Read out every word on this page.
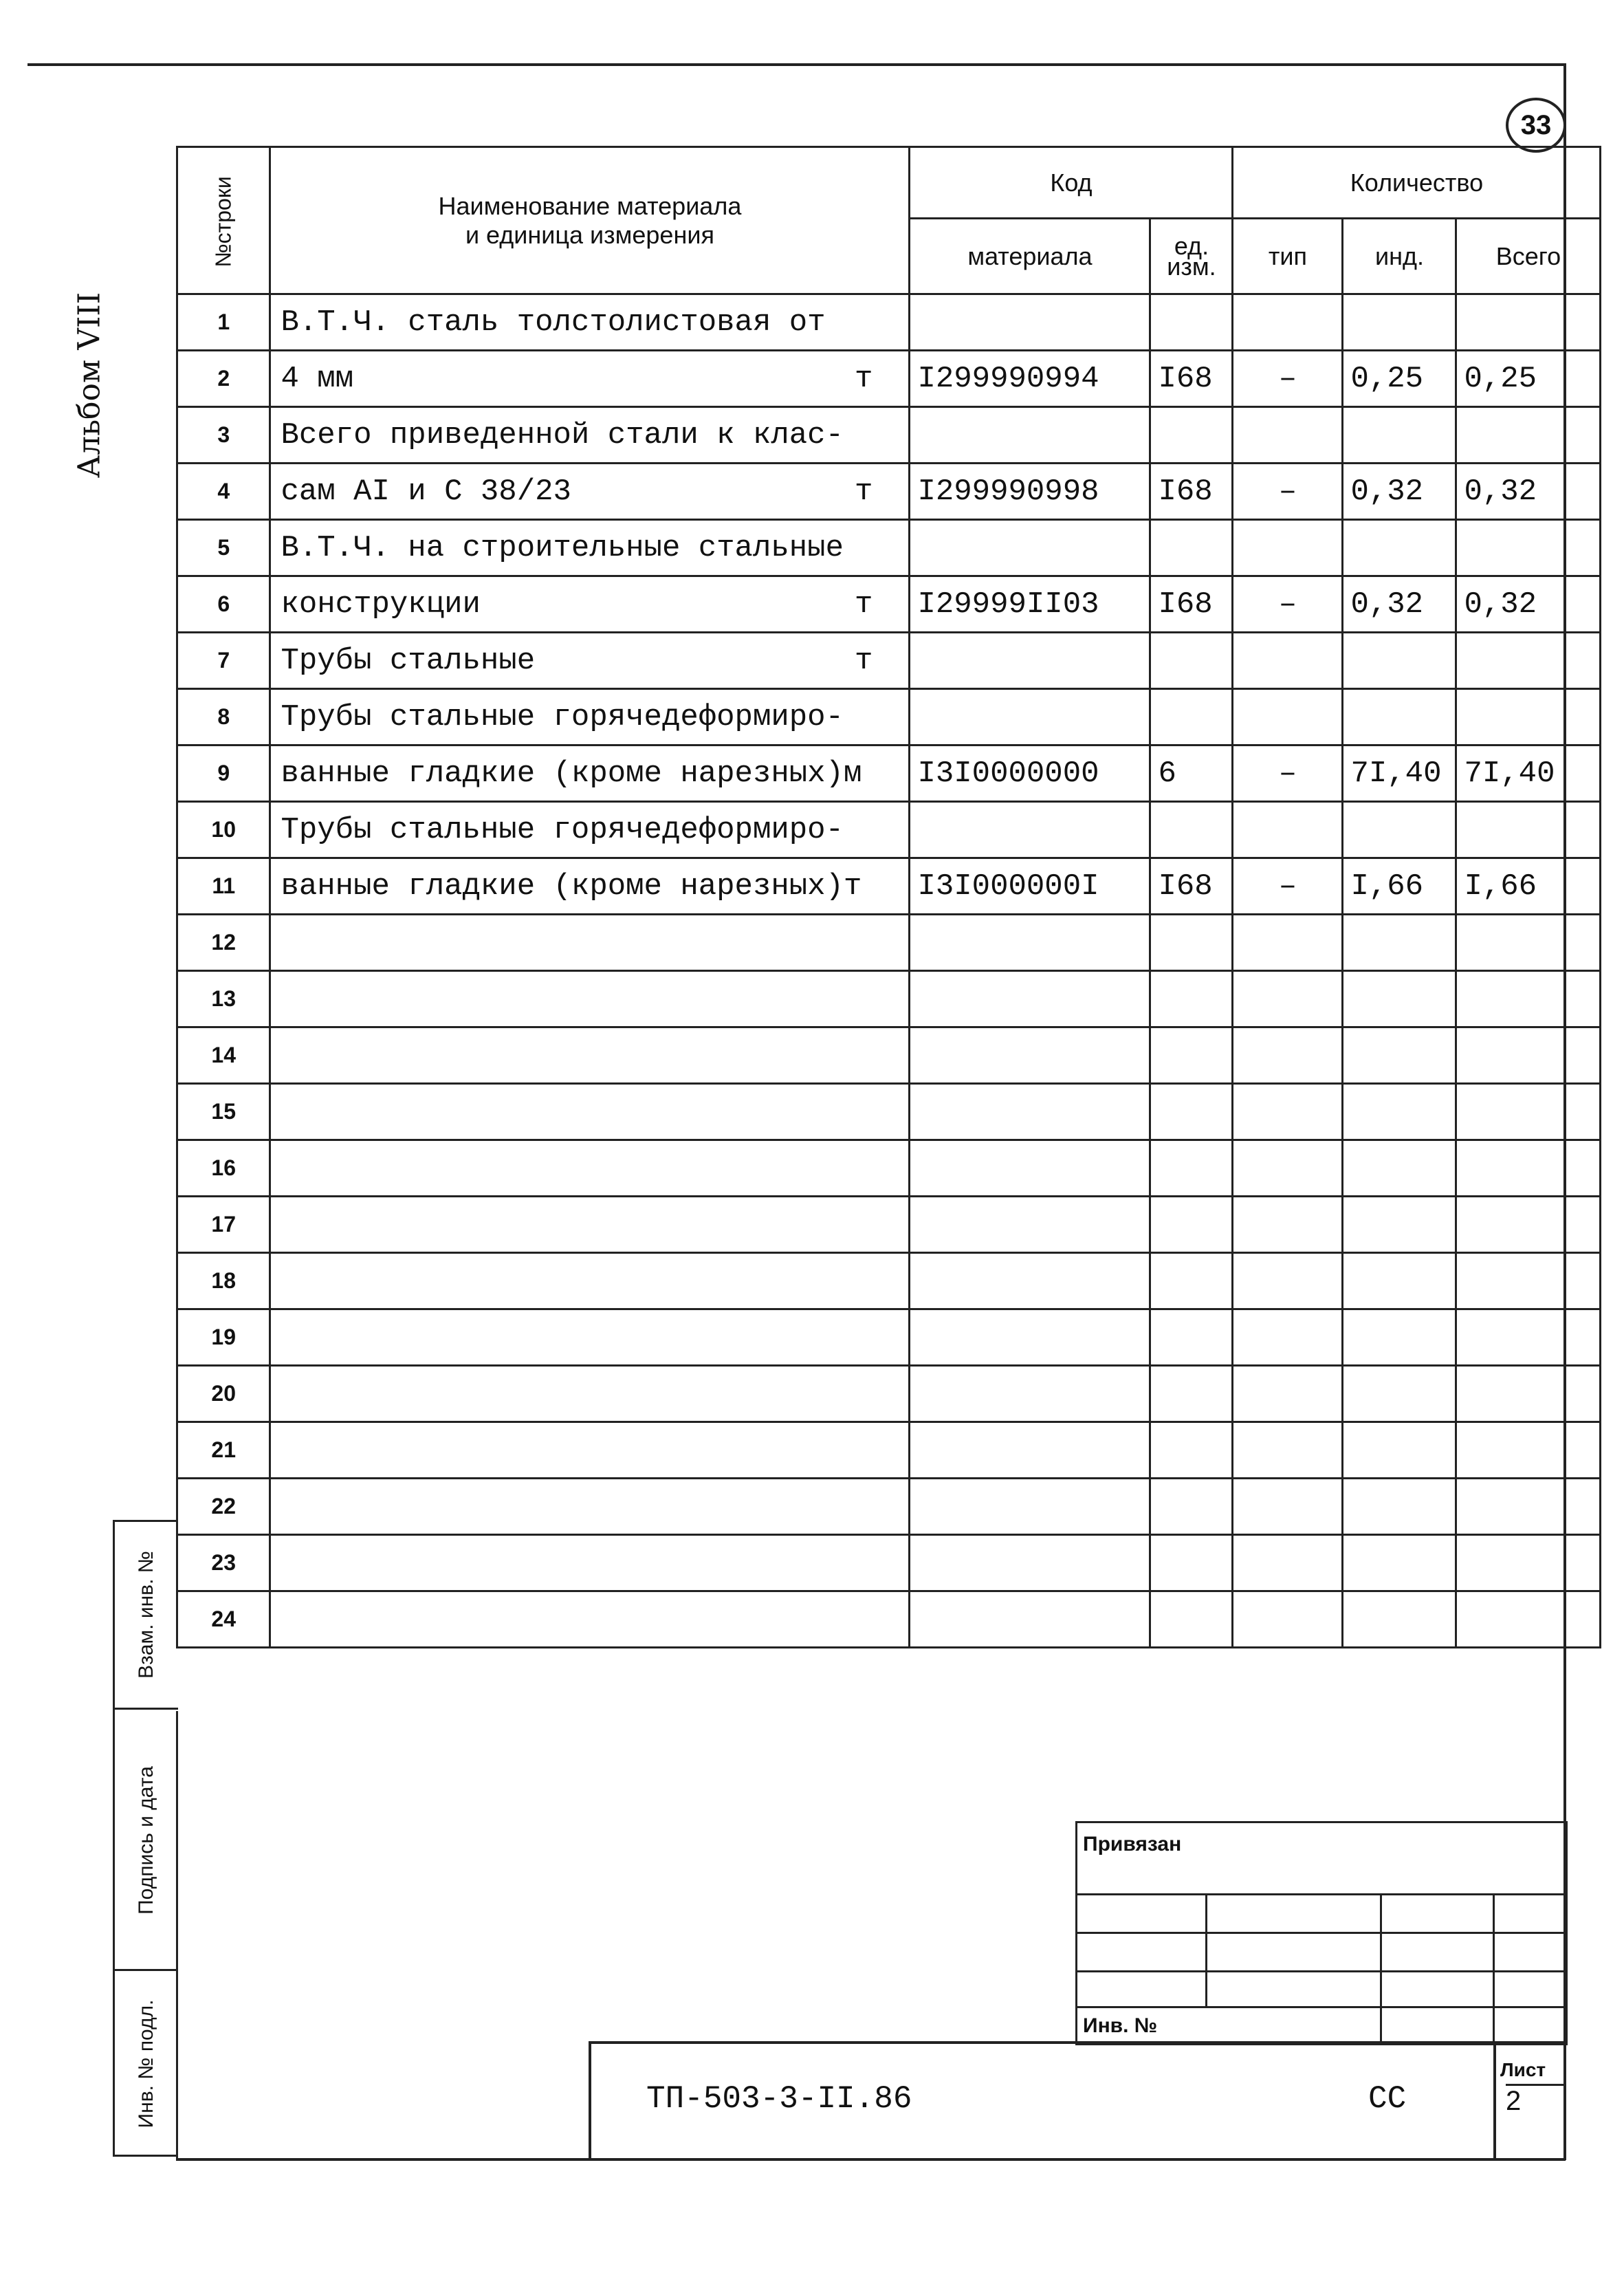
33
Альбом VIII
№строки	Наименование материала
и единица измерения	Код		Количество		
		материала	ед. изм.	тип	инд.	Всего
1	В.Т.Ч. сталь толстолистовая от

2	4 мм т	I299990994	I68	–	0,25	0,25
3	Всего приведенной стали к клас-

4	сам AI и С 38/23 т	I299990998	I68	–	0,32	0,32
5	В.Т.Ч. на строительные стальные

6	конструкции т	I29999II03	I68	–	0,32	0,32
7	Трубы стальные т					

8	Трубы стальные горячедеформиро-

9	ванные гладкие (кроме нарезных)м	I3I0000000	6	–	7I,40	7I,40
10	Трубы стальные горячедеформиро-

11	ванные гладкие (кроме нарезных)т	I3I000000I	I68	–	I,66	I,66
12	

13	

14	

15	

16	

17	

18	

19	

20	

21	

22	

23	

24	

Взам. инв. №
Подпись и дата
Инв. № подл.
Привязан
Инв. №
ТП-503-3-II.86	СС
Лист
2
